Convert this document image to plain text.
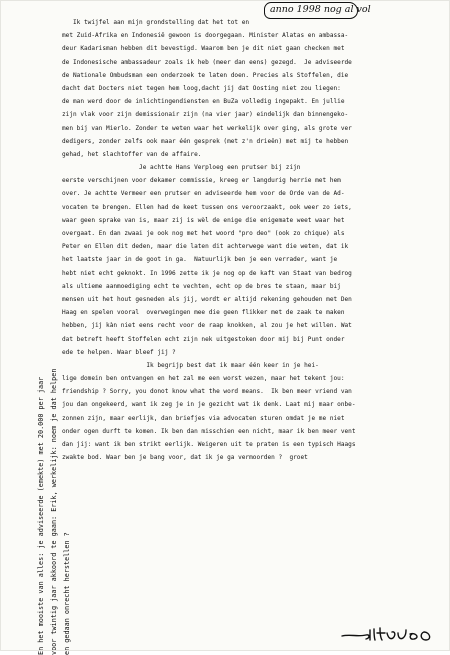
anno 1998 nog al vol
En het mooiste van alles: je adviseerde (emekte) met 20.000 per jaar voor twintig jaar akkoord te gaan: Erik, werkelijk: noem je dat helpen en gedaan onrecht herstellen ?
Ik twijfel aan mijn grondstelling dat het tot en
met Zuid-Afrika en Indonesië gewoon is doorgegaan. Minister Alatas en ambassa-
deur Kadarisman hebben dit bevestigd. Waarom ben je dit niet gaan checken met
de Indonesische ambassadeur zoals ik heb (meer dan eens) gezegd.  Je adviseerde
de Nationale Ombudsman een onderzoek te laten doen. Precies als Stoffelen, die
dacht dat Docters niet tegen hem loog,dacht jij dat Oosting niet zou liegen:
de man werd door de inlichtingendiensten en BuZa volledig ingepakt. En jullie
zijn vlak voor zijn demissionair zijn (na vier jaar) eindelijk dan binnengeko-
men bij van Mierlo. Zonder te weten waar het werkelijk over ging, als grote ver
dedigers, zonder zelfs ook maar één gesprek (met z'n drieën) met mij te hebben
gehad, het slachtoffer van de affaire.
Je achtte Hans Verploeg een prutser bij zijn
eerste verschijnen voor dekamer commissie, kreeg er langdurig herrie met hem
over. Je achtte Vermeer een prutser en adviseerde hem voor de Orde van de Ad-
vocaten te brengen. Ellen had de keet tussen ons veroorzaakt, ook weer zo iets,
waar geen sprake van is, maar zij is wèl de enige die enigemate weet waar het
overgaat. En dan zwaai je ook nog met het woord "pro deo" (ook zo chique) als
Peter en Ellen dit deden, maar die laten dit achterwege want die weten, dat ik
het laatste jaar in de goot in ga.  Natuurlijk ben je een verrader, want je
hebt niet echt geknokt. In 1996 zette ik je nog op de kaft van Staat van bedrog
als ultieme aanmoediging echt te vechten, echt op de bres te staan, maar bij
mensen uit het hout gesneden als jij, wordt er altijd rekening gehouden met Den
Haag en spelen vooral  overwegingen mee die geen flikker met de zaak te maken
hebben, jij kàn niet eens recht voor de raap knokken, al zou je het willen. Wat
dat betreft heeft Stoffelen echt zijn nek uitgestoken door mij bij Punt onder
ede te helpen. Waar bleef jij ?
Ik begrijp best dat ik maar één keer in je hei-
lige domein ben ontvangen en het zal me een worst wezen, maar het tekent jou:
friendship ? Sorry, you donot know what the word means.  Ik ben meer vriend van
jou dan ongekeerd, want ik zeg je in je gezicht wat ik denk. Laat mij maar onbe-
zonnen zijn, maar eerlijk, dan briefjes via advocaten sturen omdat je me niet
onder ogen durft te komen. Ik ben dan misschien een nicht, maar ik ben meer vent
dan jij: want ik ben strikt eerlijk. Weigeren uit te praten is een typisch Haags
zwakte bod. Waar ben je bang voor, dat ik je ga vermoorden ?  groet
